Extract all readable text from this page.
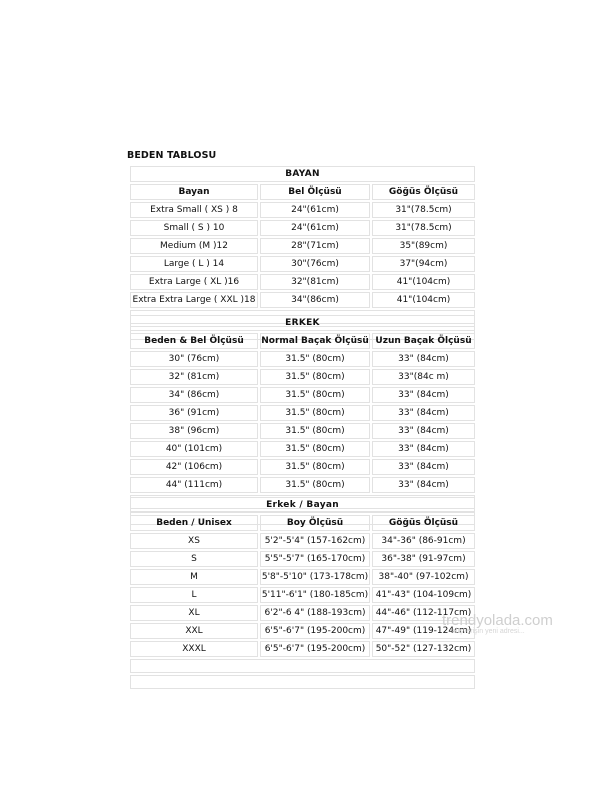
BEDEN TABLOSU
BAYAN		
Bayan	Bel Ölçüsü	Göğüs Ölçüsü
Extra Small ( XS ) 8	24"(61cm)	31"(78.5cm)
Small ( S ) 10	24"(61cm)	31"(78.5cm)
Medium (M )12	28"(71cm)	35"(89cm)
Large ( L ) 14	30"(76cm)	37"(94cm)
Extra Large ( XL )16	32"(81cm)	41"(104cm)
Extra Extra Large ( XXL )18	34"(86cm)	41"(104cm)

ERKEK		
Beden & Bel Ölçüsü	Normal Baçak Ölçüsü	Uzun Baçak Ölçüsü
30" (76cm)	31.5" (80cm)	33" (84cm)
32" (81cm)	31.5" (80cm)	33"(84c m)
34" (86cm)	31.5" (80cm)	33" (84cm)
36" (91cm)	31.5" (80cm)	33" (84cm)
38" (96cm)	31.5" (80cm)	33" (84cm)
40" (101cm)	31.5" (80cm)	33" (84cm)
42" (106cm)	31.5" (80cm)	33" (84cm)
44" (111cm)	31.5" (80cm)	33" (84cm)

Erkek / Bayan		
Beden / Unisex	Boy Ölçüsü	Göğüs Ölçüsü
XS	5'2"-5'4" (157-162cm)	34"-36" (86-91cm)
S	5'5"-5'7" (165-170cm)	36"-38" (91-97cm)
M	5'8"-5'10" (173-178cm)	38"-40" (97-102cm)
L	5'11"-6'1" (180-185cm)	41"-43" (104-109cm)
XL	6'2"-6 4" (188-193cm)	44"-46" (112-117cm)
XXL	6'5"-6'7" (195-200cm)	47"-49" (119-124cm)
XXXL	6'5"-6'7" (195-200cm)	50"-52" (127-132cm)

trendyoladа.com
alışverişin yeni adresi...
